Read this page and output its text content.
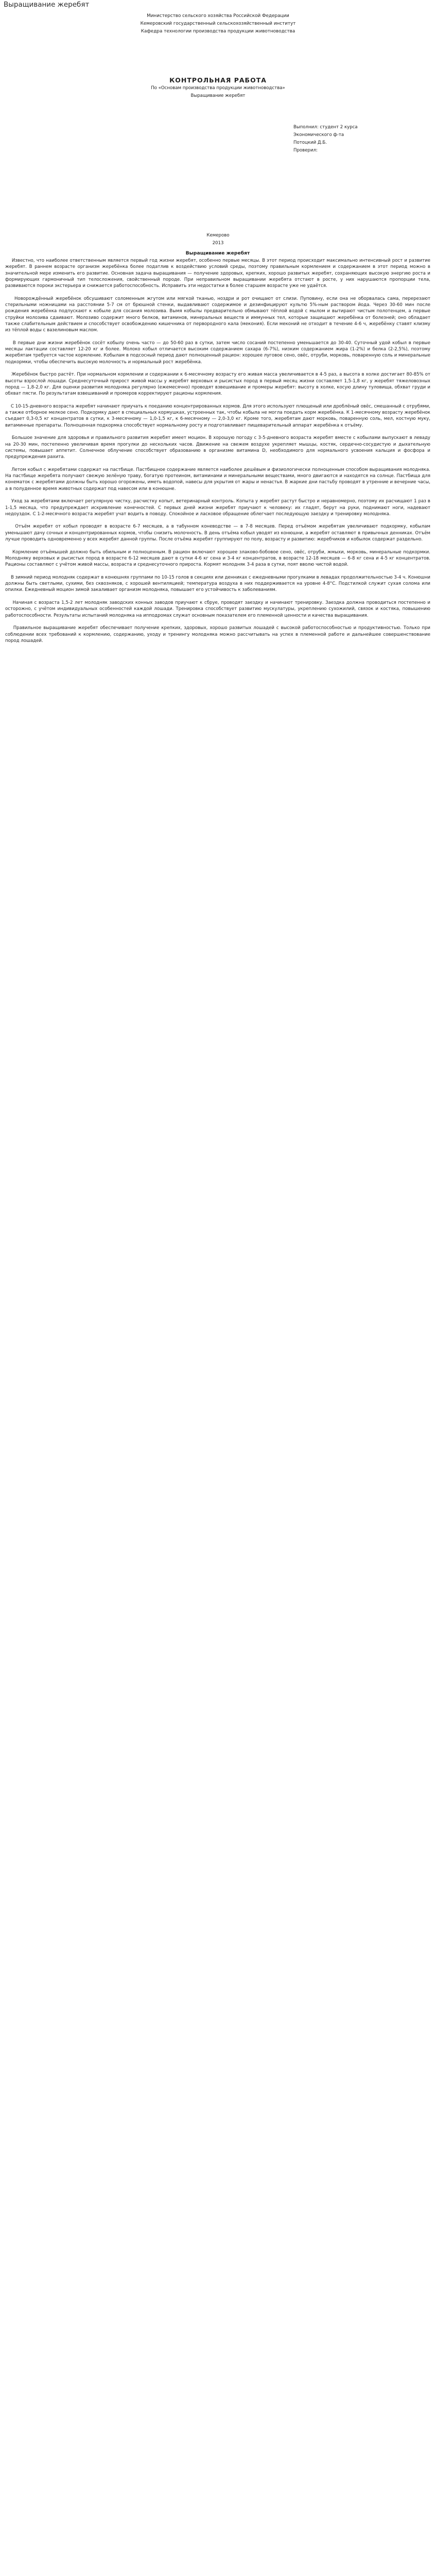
Выращивание жеребят
Министерство сельского хозяйства Российской Федерации
Кемеровский государственный сельскохозяйственный институт
Кафедра технологии производства продукции животноводства
КОНТРОЛЬНАЯ РАБОТА
По «Основам производства продукции животноводства»
Выращивание жеребят
Выполнил: студент 2 курса
Экономического ф-та
Потоцкий Д.Б.
Проверил:
Кемерово
2013
Выращивание жеребят

Известно, что наиболее ответственным является первый год жизни жеребят, особенно первые месяцы. В этот период происходит максимально интенсивный рост и развитие жеребят. В раннем возрасте организм жеребёнка более податлив к воздействию условий среды, поэтому правильным кормлением и содержанием в этот период можно в значительной мере изменить его развитие. Основная задача выращивания — получение здоровых, крепких, хорошо развитых жеребят, сохраняющих высокую энергию роста и формирующих гармоничный тип телосложения, свойственный породе. При неправильном выращивании жеребята отстают в росте, у них нарушаются пропорции тела, развиваются пороки экстерьера и снижается работоспособность. Исправить эти недостатки в более старшем возрасте уже не удаётся.

Новорождённый жеребёнок обсушивают соломенным жгутом или мягкой тканью, ноздри и рот очищают от слизи. Пуповину, если она не оборвалась сама, перерезают стерильными ножницами на расстоянии 5-7 см от брюшной стенки, выдавливают содержимое и дезинфицируют культю 5%-ным раствором йода. Через 30-60 мин после рождения жеребёнка подпускают к кобыле для сосания молозива. Вымя кобылы предварительно обмывают тёплой водой с мылом и вытирают чистым полотенцем, а первые струйки молозива сдаивают. Молозиво содержит много белков, витаминов, минеральных веществ и иммунных тел, которые защищают жеребёнка от болезней; оно обладает также слабительным действием и способствует освобождению кишечника от первородного кала (мекония). Если меконий не отходит в течение 4-6 ч, жеребёнку ставят клизму из тёплой воды с вазелиновым маслом.

В первые дни жизни жеребёнок сосёт кобылу очень часто — до 50-60 раз в сутки, затем число сосаний постепенно уменьшается до 30-40. Суточный удой кобыл в первые месяцы лактации составляет 12-20 кг и более. Молоко кобыл отличается высоким содержанием сахара (6-7%), низким содержанием жира (1-2%) и белка (2-2,5%), поэтому жеребятам требуется частое кормление. Кобылам в подсосный период дают полноценный рацион: хорошее луговое сено, овёс, отруби, морковь, поваренную соль и минеральные подкормки, чтобы обеспечить высокую молочность и нормальный рост жеребёнка.

Жеребёнок быстро растёт. При нормальном кормлении и содержании к 6-месячному возрасту его живая масса увеличивается в 4-5 раз, а высота в холке достигает 80-85% от высоты взрослой лошади. Среднесуточный прирост живой массы у жеребят верховых и рысистых пород в первый месяц жизни составляет 1,5-1,8 кг, у жеребят тяжеловозных пород — 1,8-2,0 кг. Для оценки развития молодняка регулярно (ежемесячно) проводят взвешивание и промеры жеребят: высоту в холке, косую длину туловища, обхват груди и обхват пясти. По результатам взвешиваний и промеров корректируют рационы кормления.

С 10-15-дневного возраста жеребят начинают приучать к поеданию концентрированных кормов. Для этого используют плющеный или дроблёный овёс, смешанный с отрубями, а также отборное мелкое сено. Подкормку дают в специальных кормушках, устроенных так, чтобы кобыла не могла поедать корм жеребёнка. К 1-месячному возрасту жеребёнок съедает 0,3-0,5 кг концентратов в сутки, к 3-месячному — 1,0-1,5 кг, к 6-месячному — 2,0-3,0 кг. Кроме того, жеребятам дают морковь, поваренную соль, мел, костную муку, витаминные препараты. Полноценная подкормка способствует нормальному росту и подготавливает пищеварительный аппарат жеребёнка к отъёму.

Большое значение для здоровья и правильного развития жеребят имеет моцион. В хорошую погоду с 3-5-дневного возраста жеребят вместе с кобылами выпускают в леваду на 20-30 мин, постепенно увеличивая время прогулки до нескольких часов. Движение на свежем воздухе укрепляет мышцы, костяк, сердечно-сосудистую и дыхательную системы, повышает аппетит. Солнечное облучение способствует образованию в организме витамина D, необходимого для нормального усвоения кальция и фосфора и предупреждения рахита.

Летом кобыл с жеребятами содержат на пастбище. Пастбищное содержание является наиболее дешёвым и физиологически полноценным способом выращивания молодняка. На пастбище жеребята получают свежую зелёную траву, богатую протеином, витаминами и минеральными веществами, много двигаются и находятся на солнце. Пастбища для конематок с жеребятами должны быть хорошо огорожены, иметь водопой, навесы для укрытия от жары и ненастья. В жаркие дни пастьбу проводят в утренние и вечерние часы, а в полуденное время животных содержат под навесом или в конюшне.

Уход за жеребятами включает регулярную чистку, расчистку копыт, ветеринарный контроль. Копыта у жеребят растут быстро и неравномерно, поэтому их расчищают 1 раз в 1-1,5 месяца, что предупреждает искривление конечностей. С первых дней жизни жеребят приучают к человеку: их гладят, берут на руки, поднимают ноги, надевают недоуздок. С 1-2-месячного возраста жеребят учат водить в поводу. Спокойное и ласковое обращение облегчает последующую заездку и тренировку молодняка.

Отъём жеребят от кобыл проводят в возрасте 6-7 месяцев, а в табунном коневодстве — в 7-8 месяцев. Перед отъёмом жеребятам увеличивают подкормку, кобылам уменьшают дачу сочных и концентрированных кормов, чтобы снизить молочность. В день отъёма кобыл уводят из конюшни, а жеребят оставляют в привычных денниках. Отъём лучше проводить одновременно у всех жеребят данной группы. После отъёма жеребят группируют по полу, возрасту и развитию: жеребчиков и кобылок содержат раздельно.

Кормление отъёмышей должно быть обильным и полноценным. В рацион включают хорошее злаково-бобовое сено, овёс, отруби, жмыхи, морковь, минеральные подкормки. Молодняку верховых и рысистых пород в возрасте 6-12 месяцев дают в сутки 4-6 кг сена и 3-4 кг концентратов, в возрасте 12-18 месяцев — 6-8 кг сена и 4-5 кг концентратов. Рационы составляют с учётом живой массы, возраста и среднесуточного прироста. Кормят молодняк 3-4 раза в сутки, поят вволю чистой водой.

В зимний период молодняк содержат в конюшнях группами по 10-15 голов в секциях или денниках с ежедневными прогулками в левадах продолжительностью 3-4 ч. Конюшни должны быть светлыми, сухими, без сквозняков, с хорошей вентиляцией; температура воздуха в них поддерживается на уровне 4-8°С. Подстилкой служит сухая солома или опилки. Ежедневный моцион зимой закаливает организм молодняка, повышает его устойчивость к заболеваниям.

Начиная с возраста 1,5-2 лет молодняк заводских конных заводов приучают к сбруе, проводят заездку и начинают тренировку. Заездка должна проводиться постепенно и осторожно, с учётом индивидуальных особенностей каждой лошади. Тренировка способствует развитию мускулатуры, укреплению сухожилий, связок и костяка, повышению работоспособности. Результаты испытаний молодняка на ипподромах служат основным показателем его племенной ценности и качества выращивания.

Правильное выращивание жеребят обеспечивает получение крепких, здоровых, хорошо развитых лошадей с высокой работоспособностью и продуктивностью. Только при соблюдении всех требований к кормлению, содержанию, уходу и тренингу молодняка можно рассчитывать на успех в племенной работе и дальнейшее совершенствование пород лошадей.
